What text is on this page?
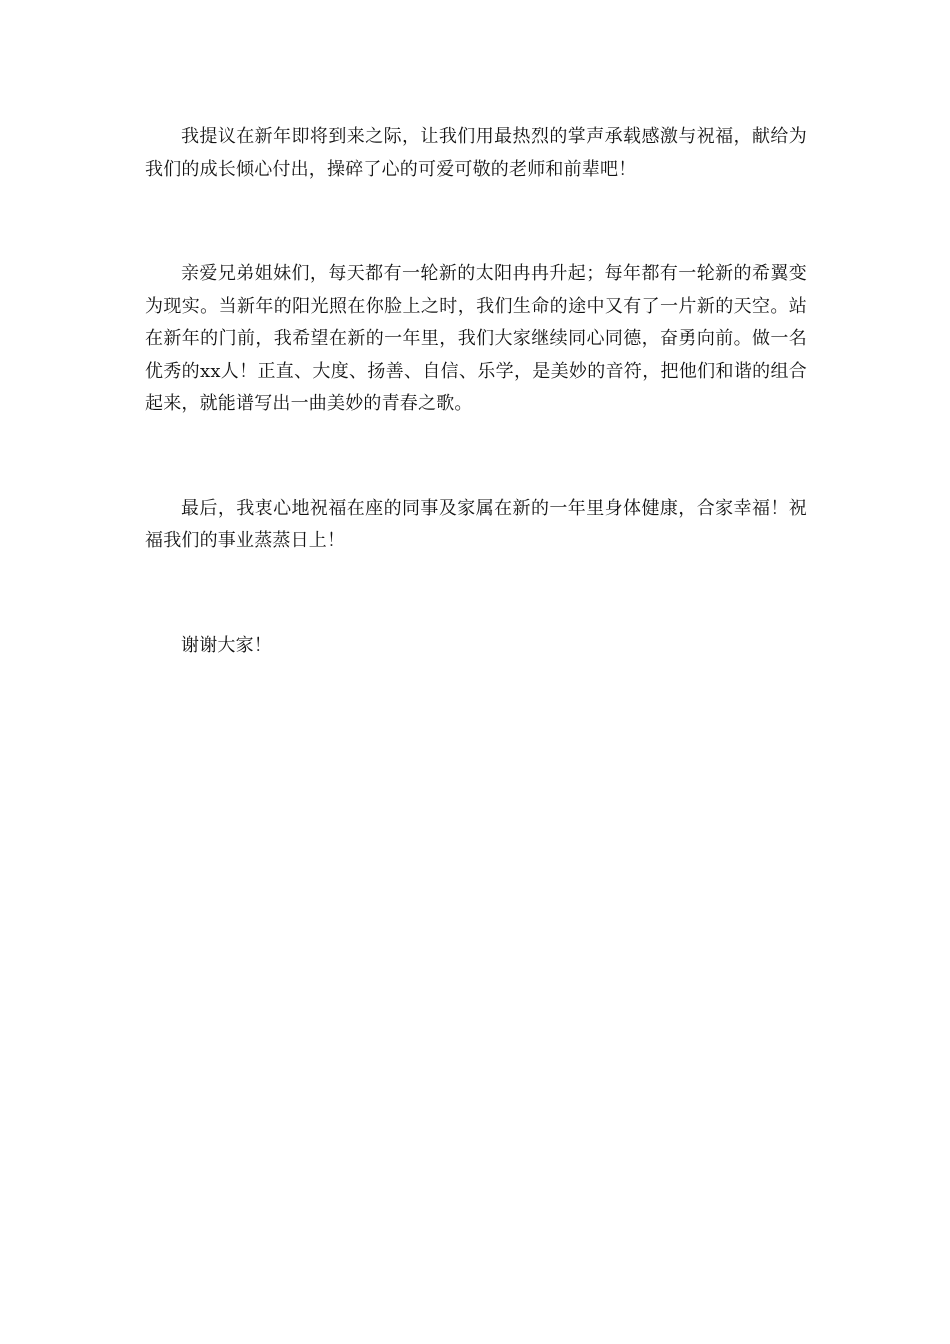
我提议在新年即将到来之际，让我们用最热烈的掌声承载感激与祝福，献给为我们的成长倾心付出，操碎了心的可爱可敬的老师和前辈吧！

亲爱兄弟姐妹们，每天都有一轮新的太阳冉冉升起；每年都有一轮新的希翼变为现实。当新年的阳光照在你脸上之时，我们生命的途中又有了一片新的天空。站在新年的门前，我希望在新的一年里，我们大家继续同心同德，奋勇向前。做一名优秀的xx人！正直、大度、扬善、自信、乐学，是美妙的音符，把他们和谐的组合起来，就能谱写出一曲美妙的青春之歌。

最后，我衷心地祝福在座的同事及家属在新的一年里身体健康，合家幸福！祝福我们的事业蒸蒸日上！

谢谢大家！
